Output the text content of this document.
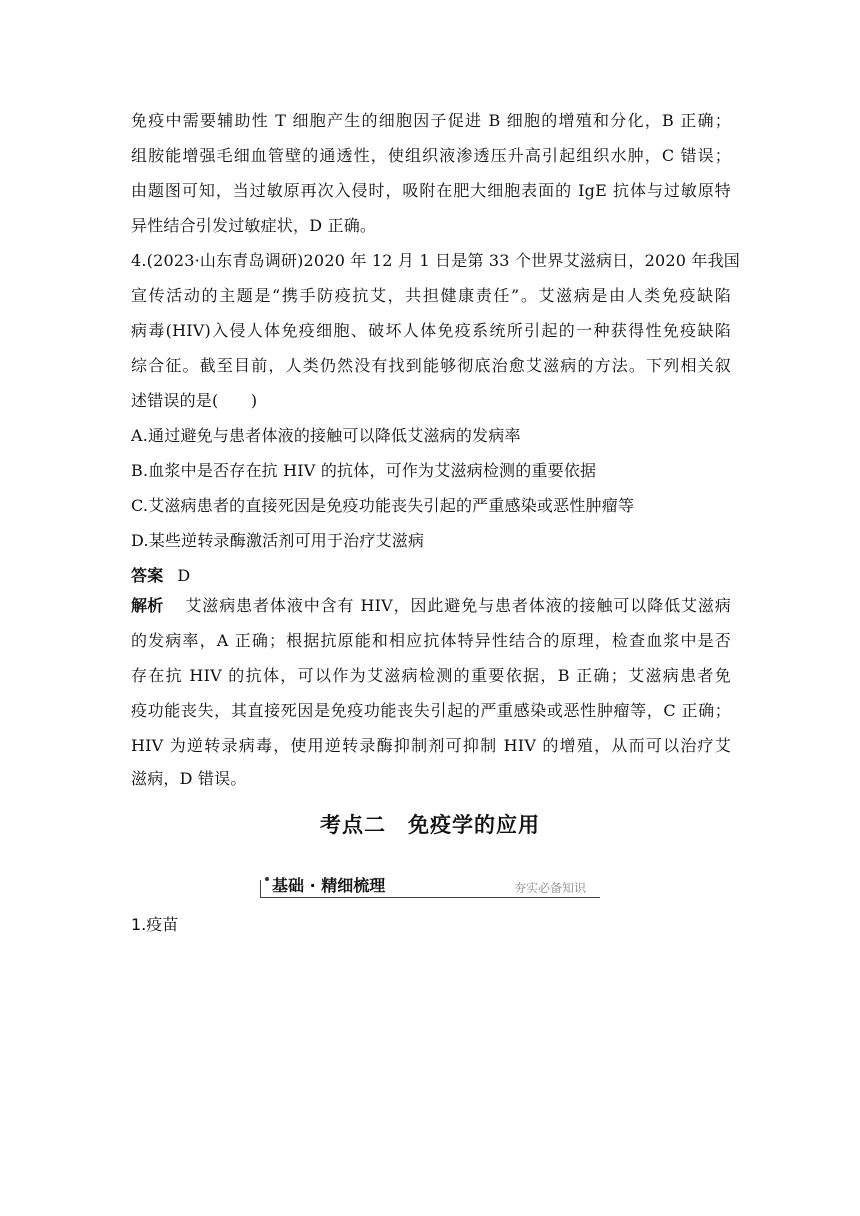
免疫中需要辅助性 T 细胞产生的细胞因子促进 B 细胞的增殖和分化，B 正确；
组胺能增强毛细血管壁的通透性，使组织液渗透压升高引起组织水肿，C 错误；
由题图可知，当过敏原再次入侵时，吸附在肥大细胞表面的 IgE 抗体与过敏原特
异性结合引发过敏症状，D 正确。
4.(2023·山东青岛调研)2020 年 12 月 1 日是第 33 个世界艾滋病日，2020 年我国
宣传活动的主题是“携手防疫抗艾，共担健康责任”。艾滋病是由人类免疫缺陷
病毒(HIV)入侵人体免疫细胞、破坏人体免疫系统所引起的一种获得性免疫缺陷
综合征。截至目前，人类仍然没有找到能够彻底治愈艾滋病的方法。下列相关叙
述错误的是(　　)
A.通过避免与患者体液的接触可以降低艾滋病的发病率
B.血浆中是否存在抗 HIV 的抗体，可作为艾滋病检测的重要依据
C.艾滋病患者的直接死因是免疫功能丧失引起的严重感染或恶性肿瘤等
D.某些逆转录酶激活剂可用于治疗艾滋病
答案 D
解析 艾滋病患者体液中含有 HIV，因此避免与患者体液的接触可以降低艾滋病
的发病率，A 正确；根据抗原能和相应抗体特异性结合的原理，检查血浆中是否
存在抗 HIV 的抗体，可以作为艾滋病检测的重要依据，B 正确；艾滋病患者免
疫功能丧失，其直接死因是免疫功能丧失引起的严重感染或恶性肿瘤等，C 正确；
HIV 为逆转录病毒，使用逆转录酶抑制剂可抑制 HIV 的增殖，从而可以治疗艾
滋病，D 错误。
考点二　免疫学的应用
基础 · 精细梳理	夯实必备知识
1.疫苗
